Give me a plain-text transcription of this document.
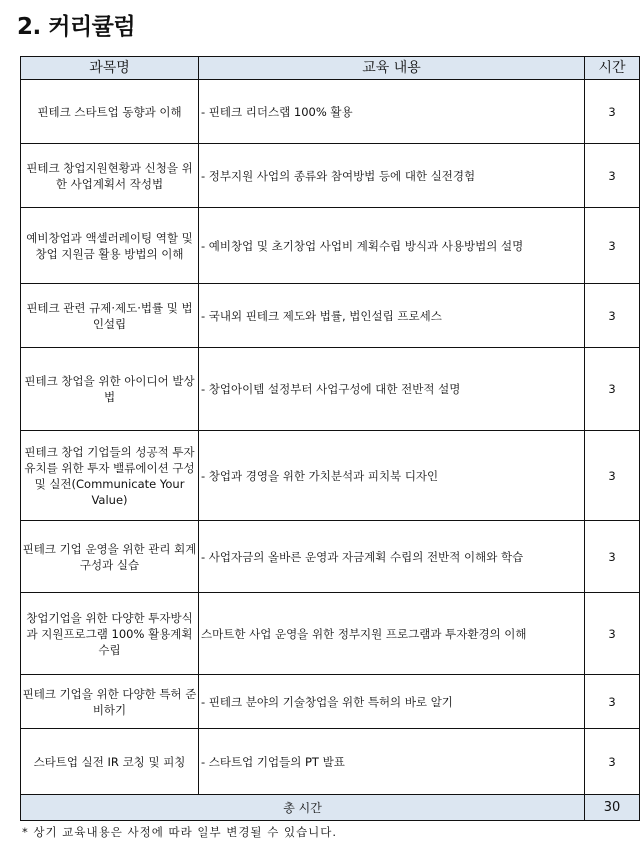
2. 커리큘럼
과목명	교육 내용	시간
핀테크 스타트업 동향과 이해	- 핀테크 리더스랩 100% 활용	3
핀테크 창업지원현황과 신청을 위한 사업계획서 작성법	- 정부지원 사업의 종류와 참여방법 등에 대한 실전경험	3
예비창업과 액셀러레이팅 역할 및 창업 지원금 활용 방법의 이해	- 예비창업 및 초기창업 사업비 계획수립 방식과 사용방법의 설명	3
핀테크 관련 규제·제도·법률 및 법인설립	- 국내외 핀테크 제도와 법률, 법인설립 프로세스	3
핀테크 창업을 위한 아이디어 발상법	- 창업아이템 설정부터 사업구성에 대한 전반적 설명	3
핀테크 창업 기업들의 성공적 투자 유치를 위한 투자 밸류에이션 구성 및 실전(Communicate Your Value)	- 창업과 경영을 위한 가치분석과 피치북 디자인	3
핀테크 기업 운영을 위한 관리 회계 구성과 실습	- 사업자금의 올바른 운영과 자금계획 수립의 전반적 이해와 학습	3
창업기업을 위한 다양한 투자방식과 지원프로그램 100% 활용계획 수립	스마트한 사업 운영을 위한 정부지원 프로그램과 투자환경의 이해	3
핀테크 기업을 위한 다양한 특허 준비하기	- 핀테크 분야의 기술창업을 위한 특허의 바로 알기	3
스타트업 실전 IR 코칭 및 피칭	- 스타트업 기업들의 PT 발표	3
총 시간		30
* 상기 교육내용은 사정에 따라 일부 변경될 수 있습니다.
